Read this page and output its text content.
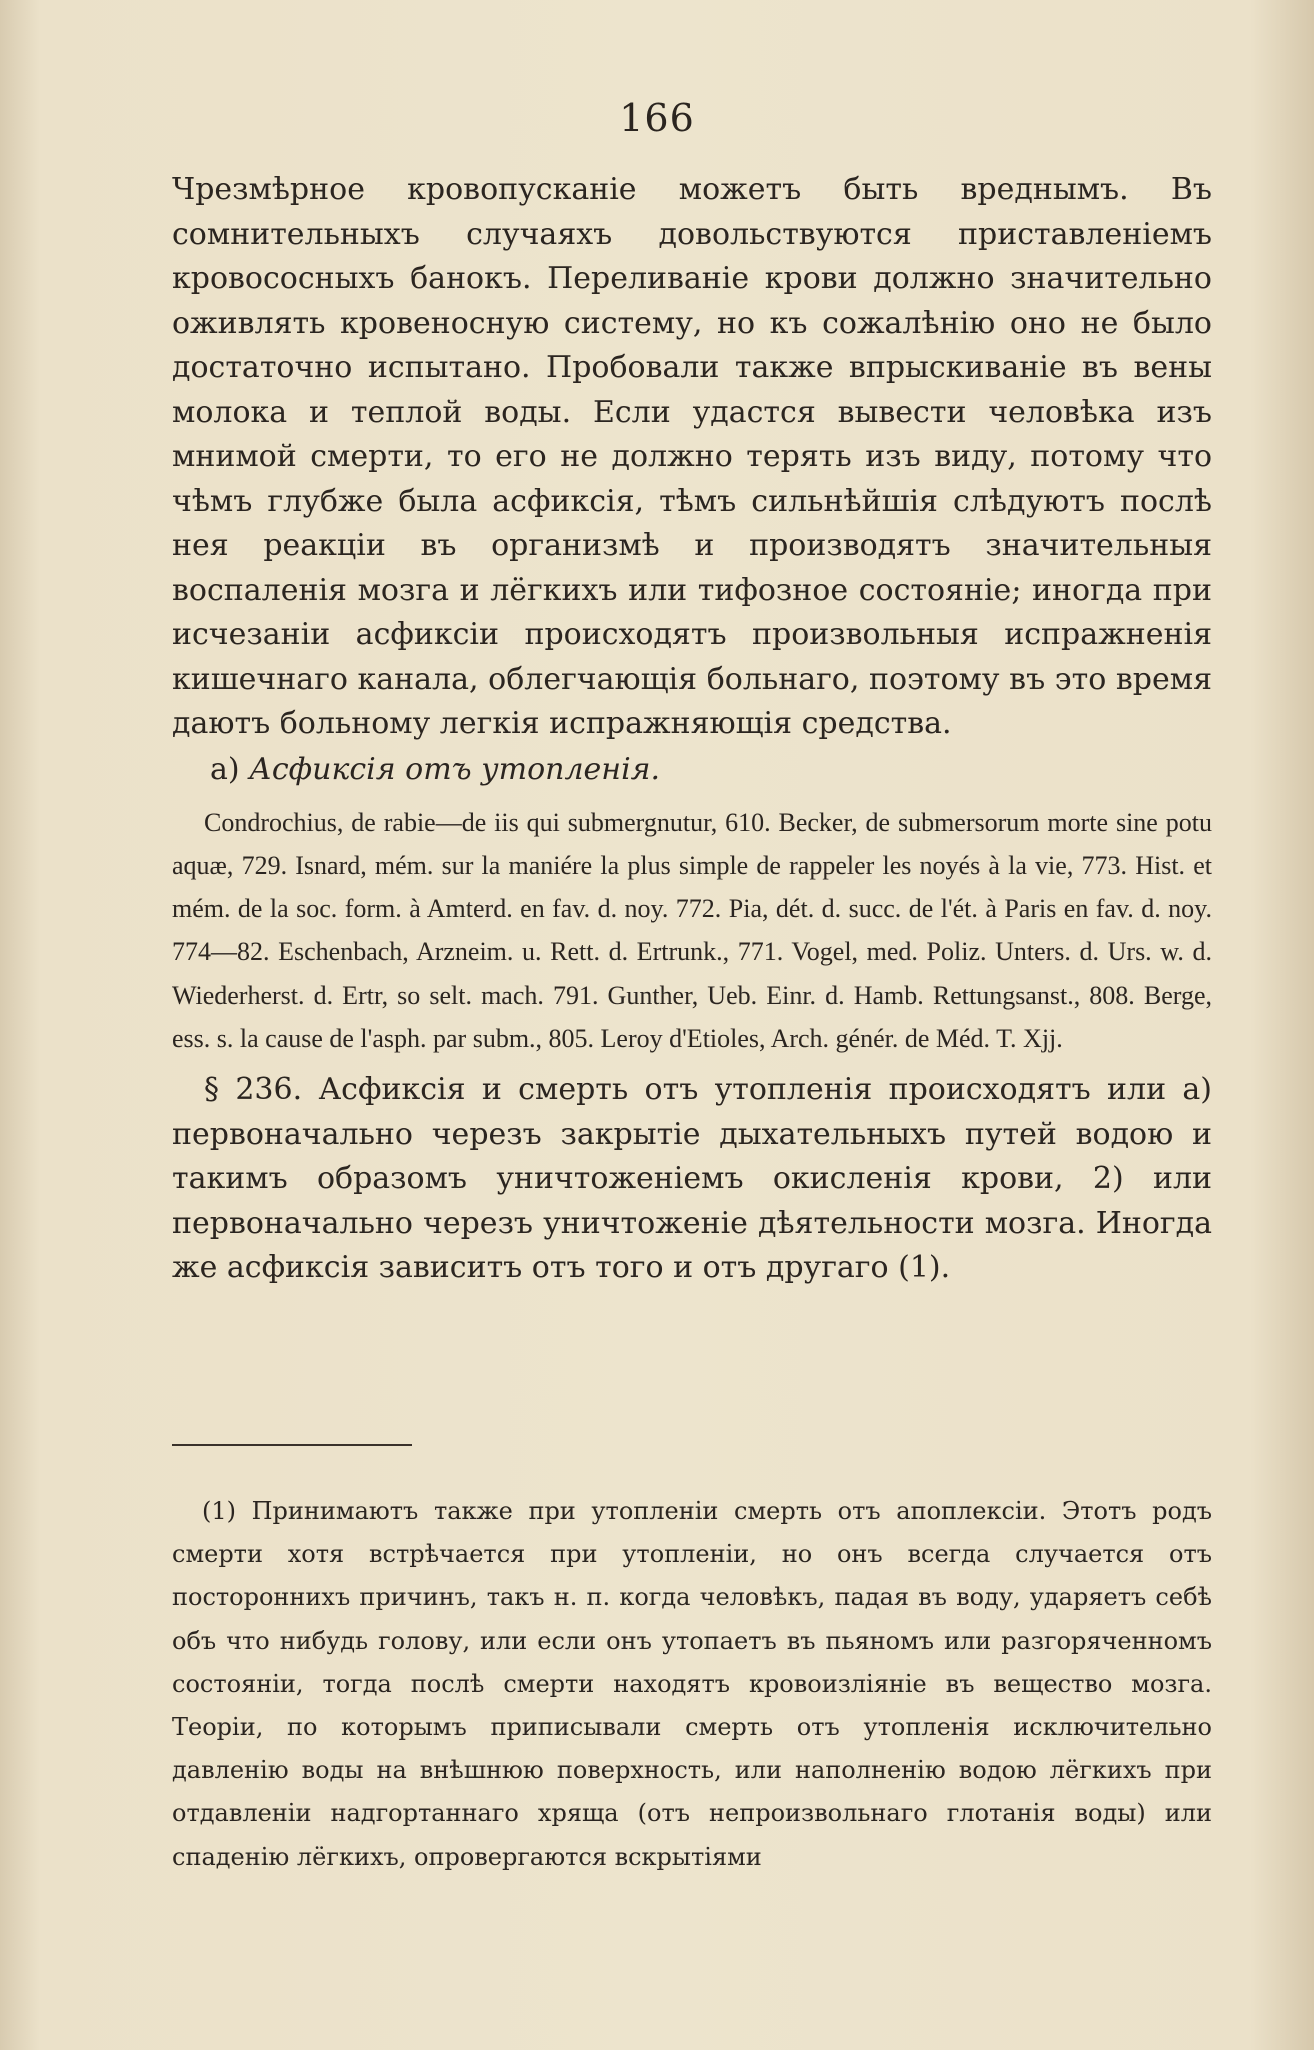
166

Чрезмѣрное кровопусканіе можетъ быть вреднымъ. Въ сомнительныхъ случаяхъ довольствуются приставленіемъ кровососныхъ банокъ. Переливаніе крови должно значительно оживлять кровеносную систему, но къ сожалѣнію оно не было достаточно испытано. Пробовали также впрыскиваніе въ вены молока и теплой воды. Если удастся вывести человѣка изъ мнимой смерти, то его не должно терять изъ виду, потому что чѣмъ глубже была асфиксія, тѣмъ сильнѣйшія слѣдуютъ послѣ нея реакціи въ организмѣ и производятъ значительныя воспаленія мозга и лёгкихъ или тифозное состояніе; иногда при исчезаніи асфиксіи происходятъ произвольныя испражненія кишечнаго канала, облегчающія больнаго, поэтому въ это время даютъ больному легкія испражняющія средства.

а) Асфиксія отъ утопленія.

Condrochius, de rabie—de iis qui submergnutur, 610. Becker, de submersorum morte sine potu aquæ, 729. Isnard, mém. sur la maniére la plus simple de rappeler les noyés à la vie, 773. Hist. et mém. de la soc. form. à Amterd. en fav. d. noy. 772. Pia, dét. d. succ. de l'ét. à Paris en fav. d. noy. 774—82. Eschenbach, Arzneim. u. Rett. d. Ertrunk., 771. Vogel, med. Poliz. Unters. d. Urs. w. d. Wiederherst. d. Ertr, so selt. mach. 791. Gunther, Ueb. Einr. d. Hamb. Rettungsanst., 808. Berge, ess. s. la cause de l'asph. par subm., 805. Leroy d'Etioles, Arch. génér. de Méd. T. Xjj.

§ 236. Асфиксія и смерть отъ утопленія происходятъ или а) первоначально черезъ закрытіе дыхательныхъ путей водою и такимъ образомъ уничтоженіемъ окисленія крови, 2) или первоначально черезъ уничтоженіе дѣятельности мозга. Иногда же асфиксія зависитъ отъ того и отъ другаго (1).

(1) Принимаютъ также при утопленіи смерть отъ апоплексіи. Этотъ родъ смерти хотя встрѣчается при утопленіи, но онъ всегда случается отъ постороннихъ причинъ, такъ н. п. когда человѣкъ, падая въ воду, ударяетъ себѣ объ что нибудь голову, или если онъ утопаетъ въ пьяномъ или разгоряченномъ состояніи, тогда послѣ смерти находятъ кровоизліяніе въ вещество мозга. Теоріи, по которымъ приписывали смерть отъ утопленія исключительно давленію воды на внѣшнюю поверхность, или наполненію водою лёгкихъ при отдавленіи надгортаннаго хряща (отъ непроизвольнаго глотанія воды) или спаденію лёгкихъ, опровергаются вскрытіями
